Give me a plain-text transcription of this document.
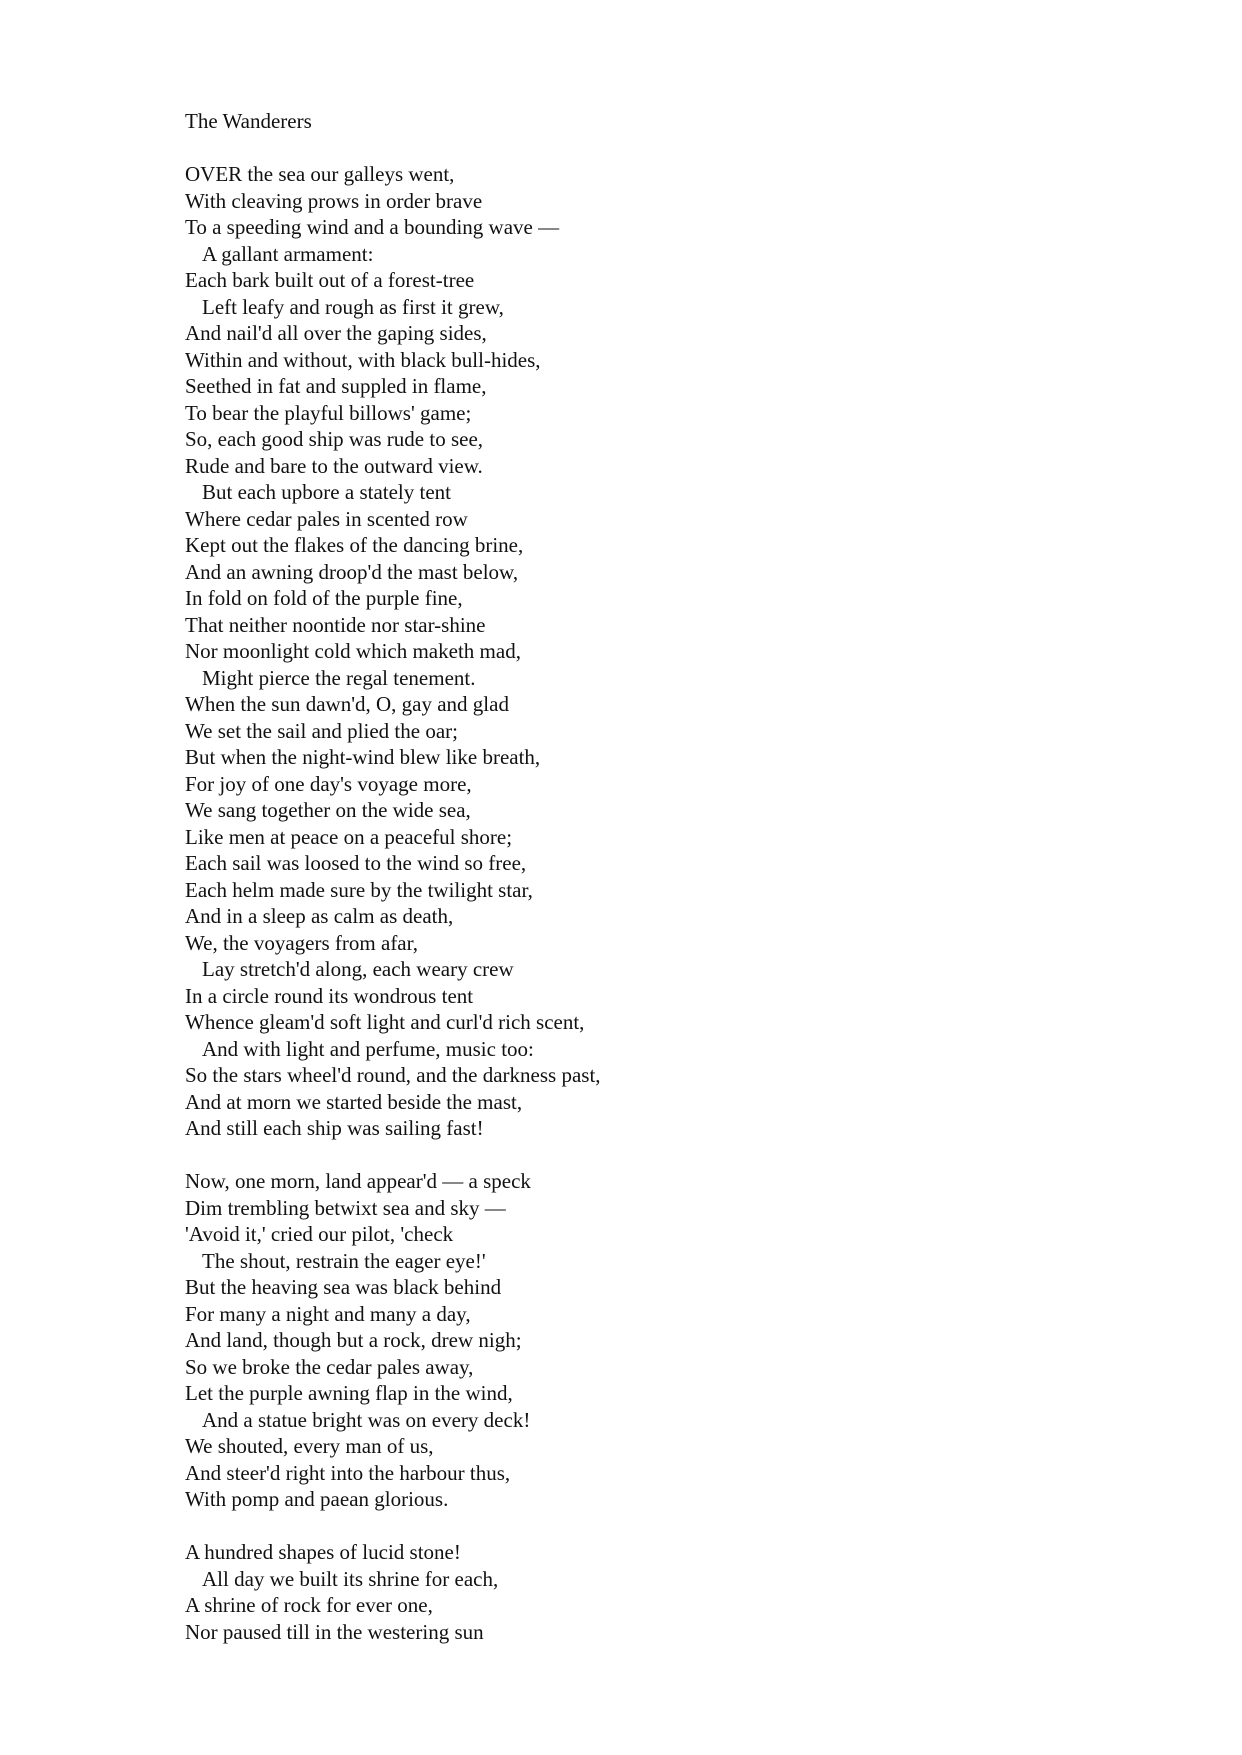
The Wanderers
OVER the sea our galleys went,
With cleaving prows in order brave
To a speeding wind and a bounding wave —
A gallant armament:
Each bark built out of a forest-tree
Left leafy and rough as first it grew,
And nail'd all over the gaping sides,
Within and without, with black bull-hides,
Seethed in fat and suppled in flame,
To bear the playful billows' game;
So, each good ship was rude to see,
Rude and bare to the outward view.
But each upbore a stately tent
Where cedar pales in scented row
Kept out the flakes of the dancing brine,
And an awning droop'd the mast below,
In fold on fold of the purple fine,
That neither noontide nor star-shine
Nor moonlight cold which maketh mad,
Might pierce the regal tenement.
When the sun dawn'd, O, gay and glad
We set the sail and plied the oar;
But when the night-wind blew like breath,
For joy of one day's voyage more,
We sang together on the wide sea,
Like men at peace on a peaceful shore;
Each sail was loosed to the wind so free,
Each helm made sure by the twilight star,
And in a sleep as calm as death,
We, the voyagers from afar,
Lay stretch'd along, each weary crew
In a circle round its wondrous tent
Whence gleam'd soft light and curl'd rich scent,
And with light and perfume, music too:
So the stars wheel'd round, and the darkness past,
And at morn we started beside the mast,
And still each ship was sailing fast!
Now, one morn, land appear'd — a speck
Dim trembling betwixt sea and sky —
'Avoid it,' cried our pilot, 'check
The shout, restrain the eager eye!'
But the heaving sea was black behind
For many a night and many a day,
And land, though but a rock, drew nigh;
So we broke the cedar pales away,
Let the purple awning flap in the wind,
And a statue bright was on every deck!
We shouted, every man of us,
And steer'd right into the harbour thus,
With pomp and paean glorious.
A hundred shapes of lucid stone!
All day we built its shrine for each,
A shrine of rock for ever one,
Nor paused till in the westering sun
